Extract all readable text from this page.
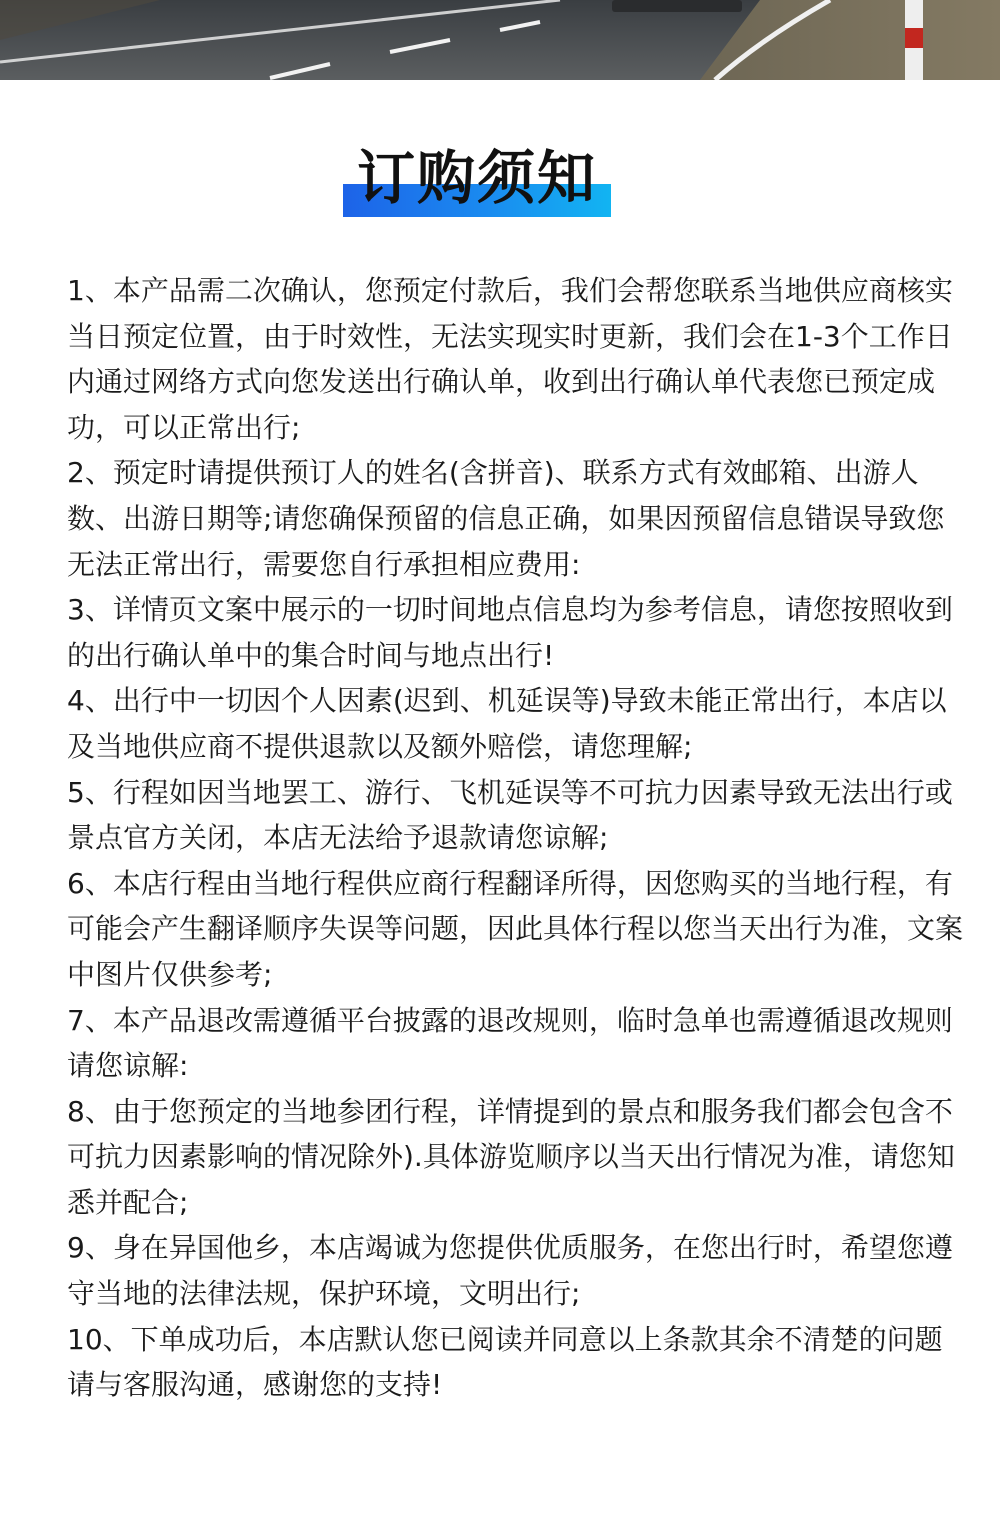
订购须知
1、本产品需二次确认，您预定付款后，我们会帮您联系当地供应商核实当日预定位置，由于时效性，无法实现实时更新，我们会在1-3个工作日内通过网络方式向您发送出行确认单，收到出行确认单代表您已预定成功，可以正常出行;
2、预定时请提供预订人的姓名(含拼音)、联系方式有效邮箱、出游人数、出游日期等;请您确保预留的信息正确，如果因预留信息错误导致您无法正常出行，需要您自行承担相应费用:
3、详情页文案中展示的一切时间地点信息均为参考信息，请您按照收到的出行确认单中的集合时间与地点出行!
4、出行中一切因个人因素(迟到、机延误等)导致未能正常出行，本店以及当地供应商不提供退款以及额外赔偿，请您理解;
5、行程如因当地罢工、游行、飞机延误等不可抗力因素导致无法出行或景点官方关闭，本店无法给予退款请您谅解;
6、本店行程由当地行程供应商行程翻译所得，因您购买的当地行程，有可能会产生翻译顺序失误等问题，因此具体行程以您当天出行为准，文案中图片仅供参考;
7、本产品退改需遵循平台披露的退改规则，临时急单也需遵循退改规则请您谅解:
8、由于您预定的当地参团行程，详情提到的景点和服务我们都会包含不可抗力因素影响的情况除外).具体游览顺序以当天出行情况为准，请您知悉并配合;
9、身在异国他乡，本店竭诚为您提供优质服务，在您出行时，希望您遵守当地的法律法规，保护环境，文明出行;
10、下单成功后，本店默认您已阅读并同意以上条款其余不清楚的问题请与客服沟通，感谢您的支持!
